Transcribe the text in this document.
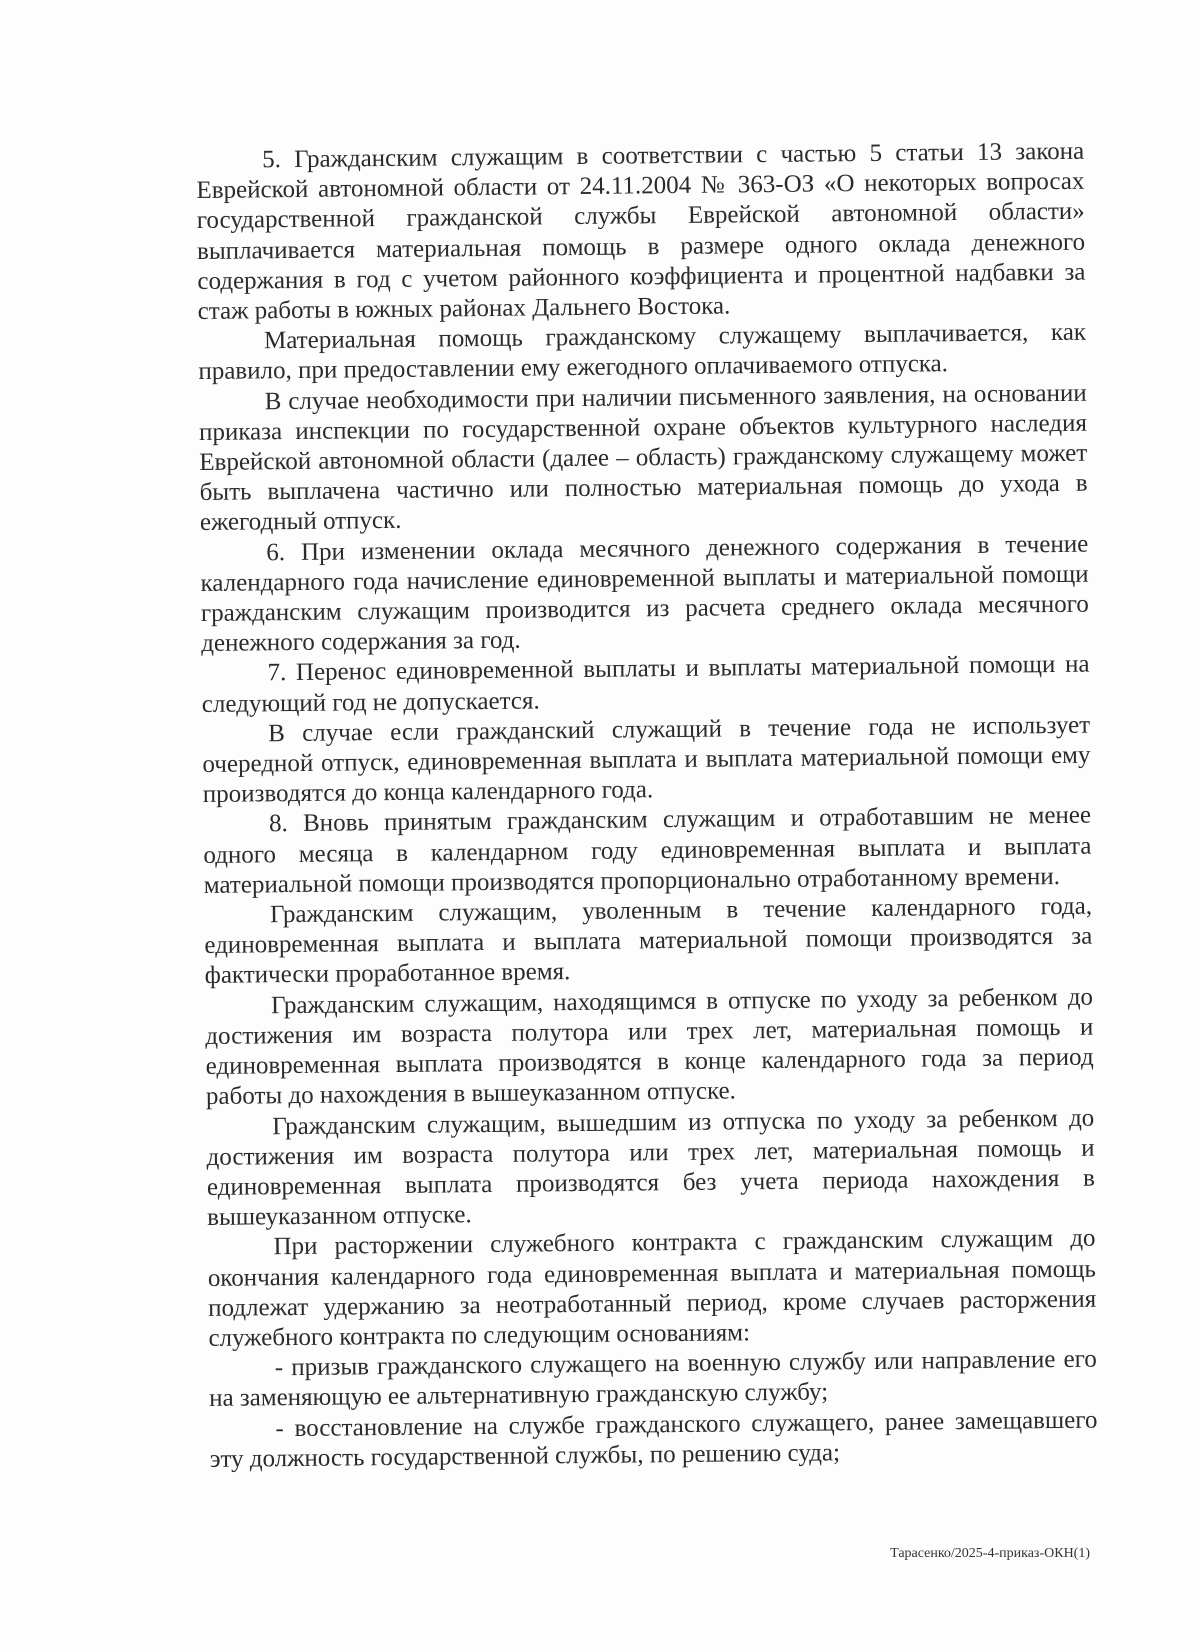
5. Гражданским служащим в соответствии с частью 5 статьи 13 закона Еврейской автономной области от 24.11.2004 № 363-ОЗ «О некоторых вопросах государственной гражданской службы Еврейской автономной области» выплачивается материальная помощь в размере одного оклада денежного содержания в год с учетом районного коэффициента и процентной надбавки за стаж работы в южных районах Дальнего Востока.

Материальная помощь гражданскому служащему выплачивается, как правило, при предоставлении ему ежегодного оплачиваемого отпуска.

В случае необходимости при наличии письменного заявления, на основании приказа инспекции по государственной охране объектов культурного наследия Еврейской автономной области (далее – область) гражданскому служащему может быть выплачена частично или полностью материальная помощь до ухода в ежегодный отпуск.

6. При изменении оклада месячного денежного содержания в течение календарного года начисление единовременной выплаты и материальной помощи гражданским служащим производится из расчета среднего оклада месячного денежного содержания за год.

7. Перенос единовременной выплаты и выплаты материальной помощи на следующий год не допускается.

В случае если гражданский служащий в течение года не использует очередной отпуск, единовременная выплата и выплата материальной помощи ему производятся до конца календарного года.

8. Вновь принятым гражданским служащим и отработавшим не менее одного месяца в календарном году единовременная выплата и выплата материальной помощи производятся пропорционально отработанному времени.

Гражданским служащим, уволенным в течение календарного года, единовременная выплата и выплата материальной помощи производятся за фактически проработанное время.

Гражданским служащим, находящимся в отпуске по уходу за ребенком до достижения им возраста полутора или трех лет, материальная помощь и единовременная выплата производятся в конце календарного года за период работы до нахождения в вышеуказанном отпуске.

Гражданским служащим, вышедшим из отпуска по уходу за ребенком до достижения им возраста полутора или трех лет, материальная помощь и единовременная выплата производятся без учета периода нахождения в вышеуказанном отпуске.

При расторжении служебного контракта с гражданским служащим до окончания календарного года единовременная выплата и материальная помощь подлежат удержанию за неотработанный период, кроме случаев расторжения служебного контракта по следующим основаниям:

- призыв гражданского служащего на военную службу или направление его на заменяющую ее альтернативную гражданскую службу;

- восстановление на службе гражданского служащего, ранее замещавшего эту должность государственной службы, по решению суда;

Тарасенко/2025-4-приказ-ОКН(1)
